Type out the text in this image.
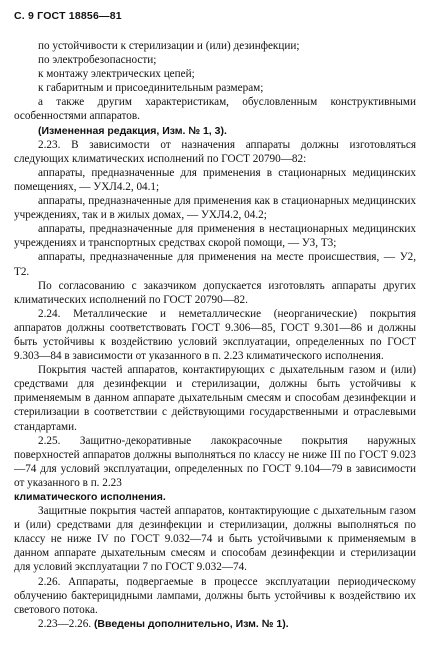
С. 9 ГОСТ 18856—81

по устойчивости к стерилизации и (или) дезинфекции;

по электробезопасности;

к монтажу электрических цепей;

к габаритным и присоединительным размерам;

а также другим характеристикам, обусловленным конструктивными особенностями аппаратов.

(Измененная редакция, Изм. № 1, 3).

2.23. В зависимости от назначения аппараты должны изготовляться следующих климатических исполнений по ГОСТ 20790—82:

аппараты, предназначенные для применения в стационарных медицинских помещениях, — УХЛ4.2, 04.1;

аппараты, предназначенные для применения как в стационарных медицинских учреждениях, так и в жилых домах, — УХЛ4.2, 04.2;

аппараты, предназначенные для применения в нестационарных медицинских учреждениях и транспортных средствах скорой помощи, — УЗ, Т3;

аппараты, предназначенные для применения на месте происшествия, — У2, Т2.

По согласованию с заказчиком допускается изготовлять аппараты других климатических исполнений по ГОСТ 20790—82.

2.24. Металлические и неметаллические (неорганические) покрытия аппаратов должны соответствовать ГОСТ 9.306—85, ГОСТ 9.301—86 и должны быть устойчивы к воздействию условий эксплуатации, определенных по ГОСТ 9.303—84 в зависимости от указанного в п. 2.23 климатического исполнения.

Покрытия частей аппаратов, контактирующих с дыхательным газом и (или) средствами для дезинфекции и стерилизации, должны быть устойчивы к применяемым в данном аппарате дыхательным смесям и способам дезинфекции и стерилизации в соответствии с действующими государственными и отраслевыми стандартами.

2.25. Защитно-декоративные лакокрасочные покрытия наружных поверхностей аппаратов должны выполняться по классу не ниже III по ГОСТ 9.023—74 для условий эксплуатации, определенных по ГОСТ 9.104—79 в зависимости от указанного в п. 2.23

климатического исполнения.

Защитные покрытия частей аппаратов, контактирующие с дыхательным газом и (или) средствами для дезинфекции и стерилизации, должны выполняться по классу не ниже IV по ГОСТ 9.032—74 и быть устойчивыми к применяемым в данном аппарате дыхательным смесям и способам дезинфекции и стерилизации для условий эксплуатации 7 по ГОСТ 9.032—74.

2.26. Аппараты, подвергаемые в процессе эксплуатации периодическому облучению бактерицидными лампами, должны быть устойчивы к воздействию их светового потока.

2.23—2.26. (Введены дополнительно, Изм. № 1).
